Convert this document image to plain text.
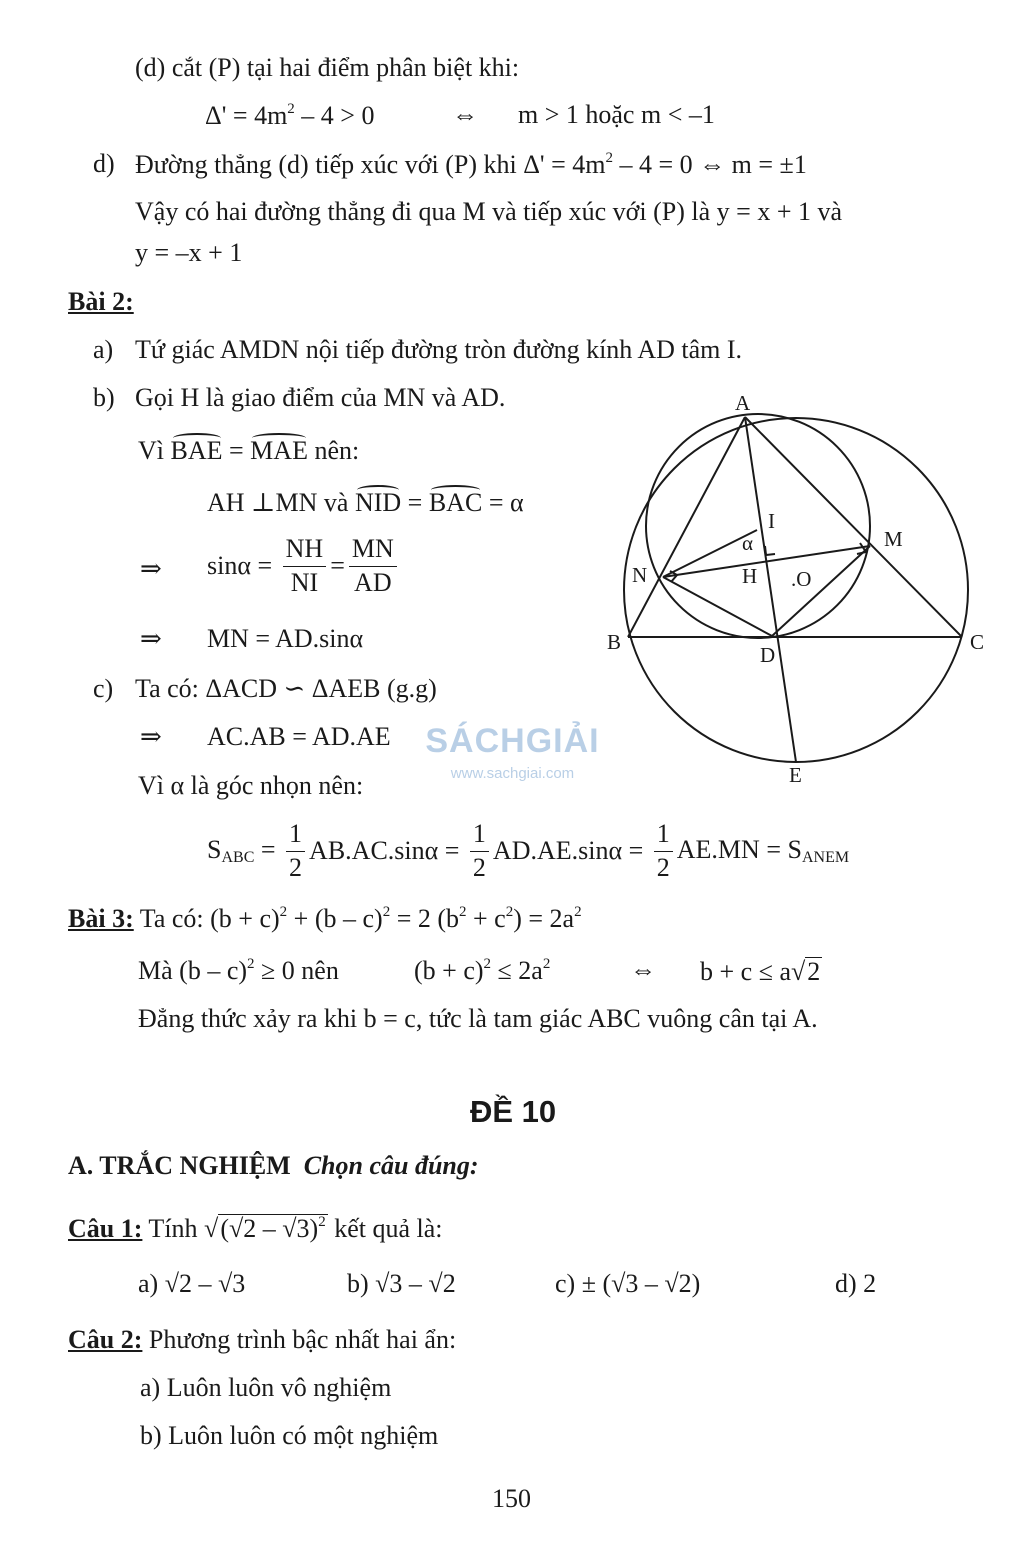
(d) cắt (P) tại hai điểm phân biệt khi:
$\Delta' = 4m^2 - 4 > 0$	⇔ m > 1 hoặc m < –1
d) Đường thẳng (d) tiếp xúc với (P) khi $\Delta' = 4m^2 - 4 = 0$ ⇔ m = ±1
Vậy có hai đường thẳng đi qua M và tiếp xúc với (P) là y = x + 1 và
y = –x + 1
Bài 2:
a) Tứ giác AMDN nội tiếp đường tròn đường kính AD tâm I.
b) Gọi H là giao điểm của MN và AD.
Vì BAE = MAE nên:
AH ⊥MN và NID = BAC = α
⇒ $\sin\alpha = \frac{NH}{NI} = \frac{MN}{AD}$
⇒ MN = AD.sinα
c) Ta có: ΔACD ∽ ΔAEB (g.g)
⇒ AC.AB = AD.AE
Vì α là góc nhọn nên:
$S_{ABC} = \frac{1}{2} AB.AC.\sin\alpha = \frac{1}{2} AD.AE.\sin\alpha = \frac{1}{2} AE.MN = S_{ANEM}$
SÁCHGIẢI
www.sachgiai.com
A
B	C
D
E
M
N	H
I
.O
α
Bài 3: Ta có: $(b + c)^2 + (b - c)^2 = 2$ $(b^2 + c^2) = 2a^2$
Mà (b – c)$^2$ ≥ 0 nên	$(b + c)^2 \le 2a^2$	⇔ b + c ≤ a√2
Đẳng thức xảy ra khi b = c, tức là tam giác ABC vuông cân tại A.
ĐỀ 10
A. TRẮC NGHIỆM Chọn câu đúng:
Câu 1: Tính √(√2 – √3)$^2$ kết quả là:
a) √2 – √3	b) √3 – √2	c) ± (√3 – √2)	d) 2
Câu 2: Phương trình bậc nhất hai ẩn:
a) Luôn luôn vô nghiệm
b) Luôn luôn có một nghiệm
150
